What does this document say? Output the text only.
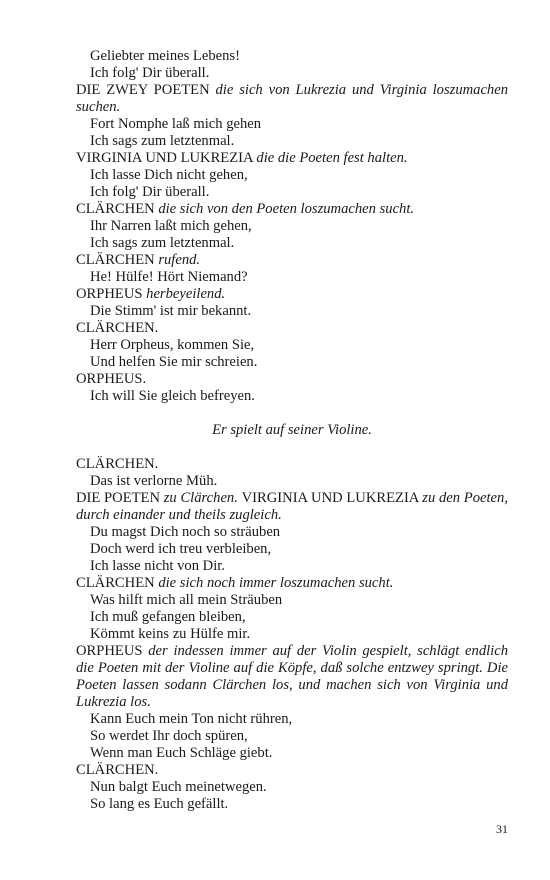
Geliebter meines Lebens!
Ich folg' Dir überall.
DIE ZWEY POETEN die sich von Lukrezia und Virginia loszumachen suchen.
Fort Nomphe laß mich gehen
Ich sags zum letztenmal.
VIRGINIA UND LUKREZIA die die Poeten fest halten.
Ich lasse Dich nicht gehen,
Ich folg' Dir überall.
CLÄRCHEN die sich von den Poeten loszumachen sucht.
Ihr Narren laßt mich gehen,
Ich sags zum letztenmal.
CLÄRCHEN rufend.
He! Hülfe! Hört Niemand?
ORPHEUS herbeyeilend.
Die Stimm' ist mir bekannt.
CLÄRCHEN.
Herr Orpheus, kommen Sie,
Und helfen Sie mir schreien.
ORPHEUS.
Ich will Sie gleich befreyen.
Er spielt auf seiner Violine.
CLÄRCHEN.
Das ist verlorne Müh.
DIE POETEN zu Clärchen. VIRGINIA UND LUKREZIA zu den Poeten, durch einander und theils zugleich.
Du magst Dich noch so sträuben
Doch werd ich treu verbleiben,
Ich lasse nicht von Dir.
CLÄRCHEN die sich noch immer loszumachen sucht.
Was hilft mich all mein Sträuben
Ich muß gefangen bleiben,
Kömmt keins zu Hülfe mir.
ORPHEUS der indessen immer auf der Violin gespielt, schlägt endlich die Poeten mit der Violine auf die Köpfe, daß solche entzwey springt. Die Poeten lassen sodann Clärchen los, und machen sich von Virginia und Lukrezia los.
Kann Euch mein Ton nicht rühren,
So werdet Ihr doch spüren,
Wenn man Euch Schläge giebt.
CLÄRCHEN.
Nun balgt Euch meinetwegen.
So lang es Euch gefällt.
31
